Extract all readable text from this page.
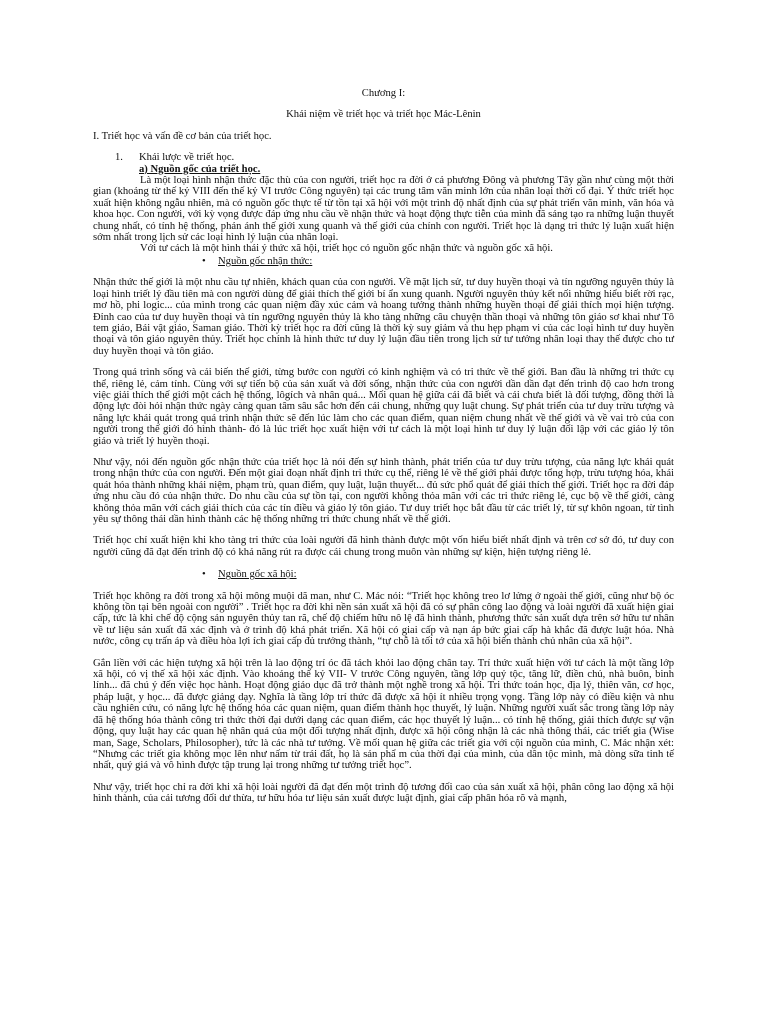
Chương I:
Khái niệm về triết học và triết học Mác-Lênin
I. Triết học và vấn đề cơ bản của triết học.
1.	Khái lược về triết học.
a) Nguồn gốc của triết học.

Là một loại hình nhận thức đặc thù của con người, triết học ra đời ở cả phương Đông và phương Tây gần như cùng một thời gian (khoảng từ thế kỷ VIII đến thế kỷ VI trước Công nguyên) tại các trung tâm văn minh lớn của nhân loại thời cổ đại. Ý thức triết học xuất hiện không ngẫu nhiên, mà có nguồn gốc thực tế từ tồn tại xã hội với một trình độ nhất định của sự phát triển văn minh, văn hóa và khoa học. Con người, với kỳ vọng được đáp ứng nhu cầu về nhận thức và hoạt động thực tiễn của mình đã sáng tạo ra những luận thuyết chung nhất, có tính hệ thống, phản ánh thế giới xung quanh và thế giới của chính con người. Triết học là dạng tri thức lý luận xuất hiện sớm nhất trong lịch sử các loại hình lý luận của nhân loại.

Với tư cách là một hình thái ý thức xã hội, triết học có nguồn gốc nhận thức và nguồn gốc xã hội.

•	Nguồn gốc nhận thức:

Nhận thức thế giới là một nhu cầu tự nhiên, khách quan của con người. Về mặt lịch sử, tư duy huyền thoại và tín ngưỡng nguyên thủy là loại hình triết lý đầu tiên mà con người dùng để giải thích thế giới bí ẩn xung quanh. Người nguyên thủy kết nối những hiểu biết rời rạc, mơ hồ, phi logic... của mình trong các quan niệm đầy xúc cảm và hoang tưởng thành những huyền thoại để giải thích mọi hiện tượng. Đỉnh cao của tư duy huyền thoại và tín ngưỡng nguyên thủy là kho tàng những câu chuyện thần thoại và những tôn giáo sơ khai như Tô tem giáo, Bái vật giáo, Saman giáo. Thời kỳ triết học ra đời cũng là thời kỳ suy giảm và thu hẹp phạm vi của các loại hình tư duy huyền thoại và tôn giáo nguyên thủy. Triết học chính là hình thức tư duy lý luận đầu tiên trong lịch sử tư tưởng nhân loại thay thế được cho tư duy huyền thoại và tôn giáo.

Trong quá trình sống và cải biến thế giới, từng bước con người có kinh nghiệm và có tri thức về thế giới. Ban đầu là những tri thức cụ thể, riêng lẻ, cảm tính. Cùng với sự tiến bộ của sản xuất và đời sống, nhận thức của con người dần dần đạt đến trình độ cao hơn trong việc giải thích thế giới một cách hệ thống, lôgích và nhân quả... Mối quan hệ giữa cái đã biết và cái chưa biết là đối tượng, đồng thời là động lực đòi hỏi nhận thức ngày càng quan tâm sâu sắc hơn đến cái chung, những quy luật chung. Sự phát triển của tư duy trừu tượng và năng lực khái quát trong quá trình nhận thức sẽ đến lúc làm cho các quan điểm, quan niệm chung nhất về thế giới và về vai trò của con người trong thế giới đó hình thành- đó là lúc triết học xuất hiện với tư cách là một loại hình tư duy lý luận đối lập với các giáo lý tôn giáo và triết lý huyền thoại.

Như vậy, nói đến nguồn gốc nhận thức của triết học là nói đến sự hình thành, phát triển của tư duy trừu tượng, của năng lực khái quát trong nhận thức của con người. Đến một giai đoạn nhất định tri thức cụ thể, riêng lẻ về thế giới phải được tổng hợp, trừu tượng hóa, khái quát hóa thành những khái niệm, phạm trù, quan điểm, quy luật, luận thuyết... đủ sức phổ quát để giải thích thế giới. Triết học ra đời đáp ứng nhu cầu đó của nhận thức. Do nhu cầu của sự tồn tại, con người không thỏa mãn với các tri thức riêng lẻ, cục bộ về thế giới, càng không thỏa mãn với cách giải thích của các tín điều và giáo lý tôn giáo. Tư duy triết học bắt đầu từ các triết lý, từ sự khôn ngoan, từ tình yêu sự thông thái dần hình thành các hệ thống những tri thức chung nhất về thế giới.

Triết học chỉ xuất hiện khi kho tàng tri thức của loài người đã hình thành được một vốn hiểu biết nhất định và trên cơ sở đó, tư duy con người cũng đã đạt đến trình độ có khả năng rút ra được cái chung trong muôn vàn những sự kiện, hiện tượng riêng lẻ.

•	Nguồn gốc xã hội:

Triết học không ra đời trong xã hội mông muội dã man, như C. Mác nói: “Triết học không treo lơ lửng ở ngoài thế giới, cũng như bộ óc không tồn tại bên ngoài con người” . Triết học ra đời khi nền sản xuất xã hội đã có sự phân công lao động và loài người đã xuất hiện giai cấp, tức là khi chế độ cộng sản nguyên thủy tan rã, chế độ chiếm hữu nô lệ đã hình thành, phương thức sản xuất dựa trên sở hữu tư nhân về tư liệu sản xuất đã xác định và ở trình độ khá phát triển. Xã hội có giai cấp và nạn áp bức giai cấp hà khắc đã được luật hóa. Nhà nước, công cụ trấn áp và điều hòa lợi ích giai cấp đủ trưởng thành, “tự chỗ là tối tớ của xã hội biến thành chủ nhân của xã hội”.

Gắn liền với các hiện tượng xã hội trên là lao động trí óc đã tách khỏi lao động chân tay. Trí thức xuất hiện với tư cách là một tầng lớp xã hội, có vị thế xã hội xác định. Vào khoảng thế kỷ VII- V trước Công nguyên, tầng lớp quý tộc, tăng lữ, điền chủ, nhà buôn, binh lính... đã chú ý đến việc học hành. Hoạt động giáo dục đã trở thành một nghề trong xã hội. Tri thức toán học, địa lý, thiên văn, cơ học, pháp luật, y học... đã được giảng dạy. Nghĩa là tầng lớp trí thức đã được xã hội ít nhiều trọng vọng. Tầng lớp này có điều kiện và nhu cầu nghiên cứu, có năng lực hệ thống hóa các quan niệm, quan điểm thành học thuyết, lý luận. Những người xuất sắc trong tầng lớp này đã hệ thống hóa thành công tri thức thời đại dưới dạng các quan điểm, các học thuyết lý luận... có tính hệ thống, giải thích được sự vận động, quy luật hay các quan hệ nhân quả của một đối tượng nhất định, được xã hội công nhận là các nhà thông thái, các triết gia (Wise man, Sage, Scholars, Philosopher), tức là các nhà tư tưởng. Về mối quan hệ giữa các triết gia với cội nguồn của mình, C. Mác nhận xét: “Nhưng các triết gia không mọc lên như nấm từ trái đất, họ là sản phẩ m của thời đại của mình, của dân tộc mình, mà dòng sữa tinh tế nhất, quý giá và vô hình được tập trung lại trong những tư tưởng triết học”.

Như vậy, triết học chỉ ra đời khi xã hội loài người đã đạt đến một trình độ tương đối cao của sản xuất xã hội, phân công lao động xã hội hình thành, của cải tương đối dư thừa, tư hữu hóa tư liệu sản xuất được luật định, giai cấp phân hóa rõ và mạnh,
